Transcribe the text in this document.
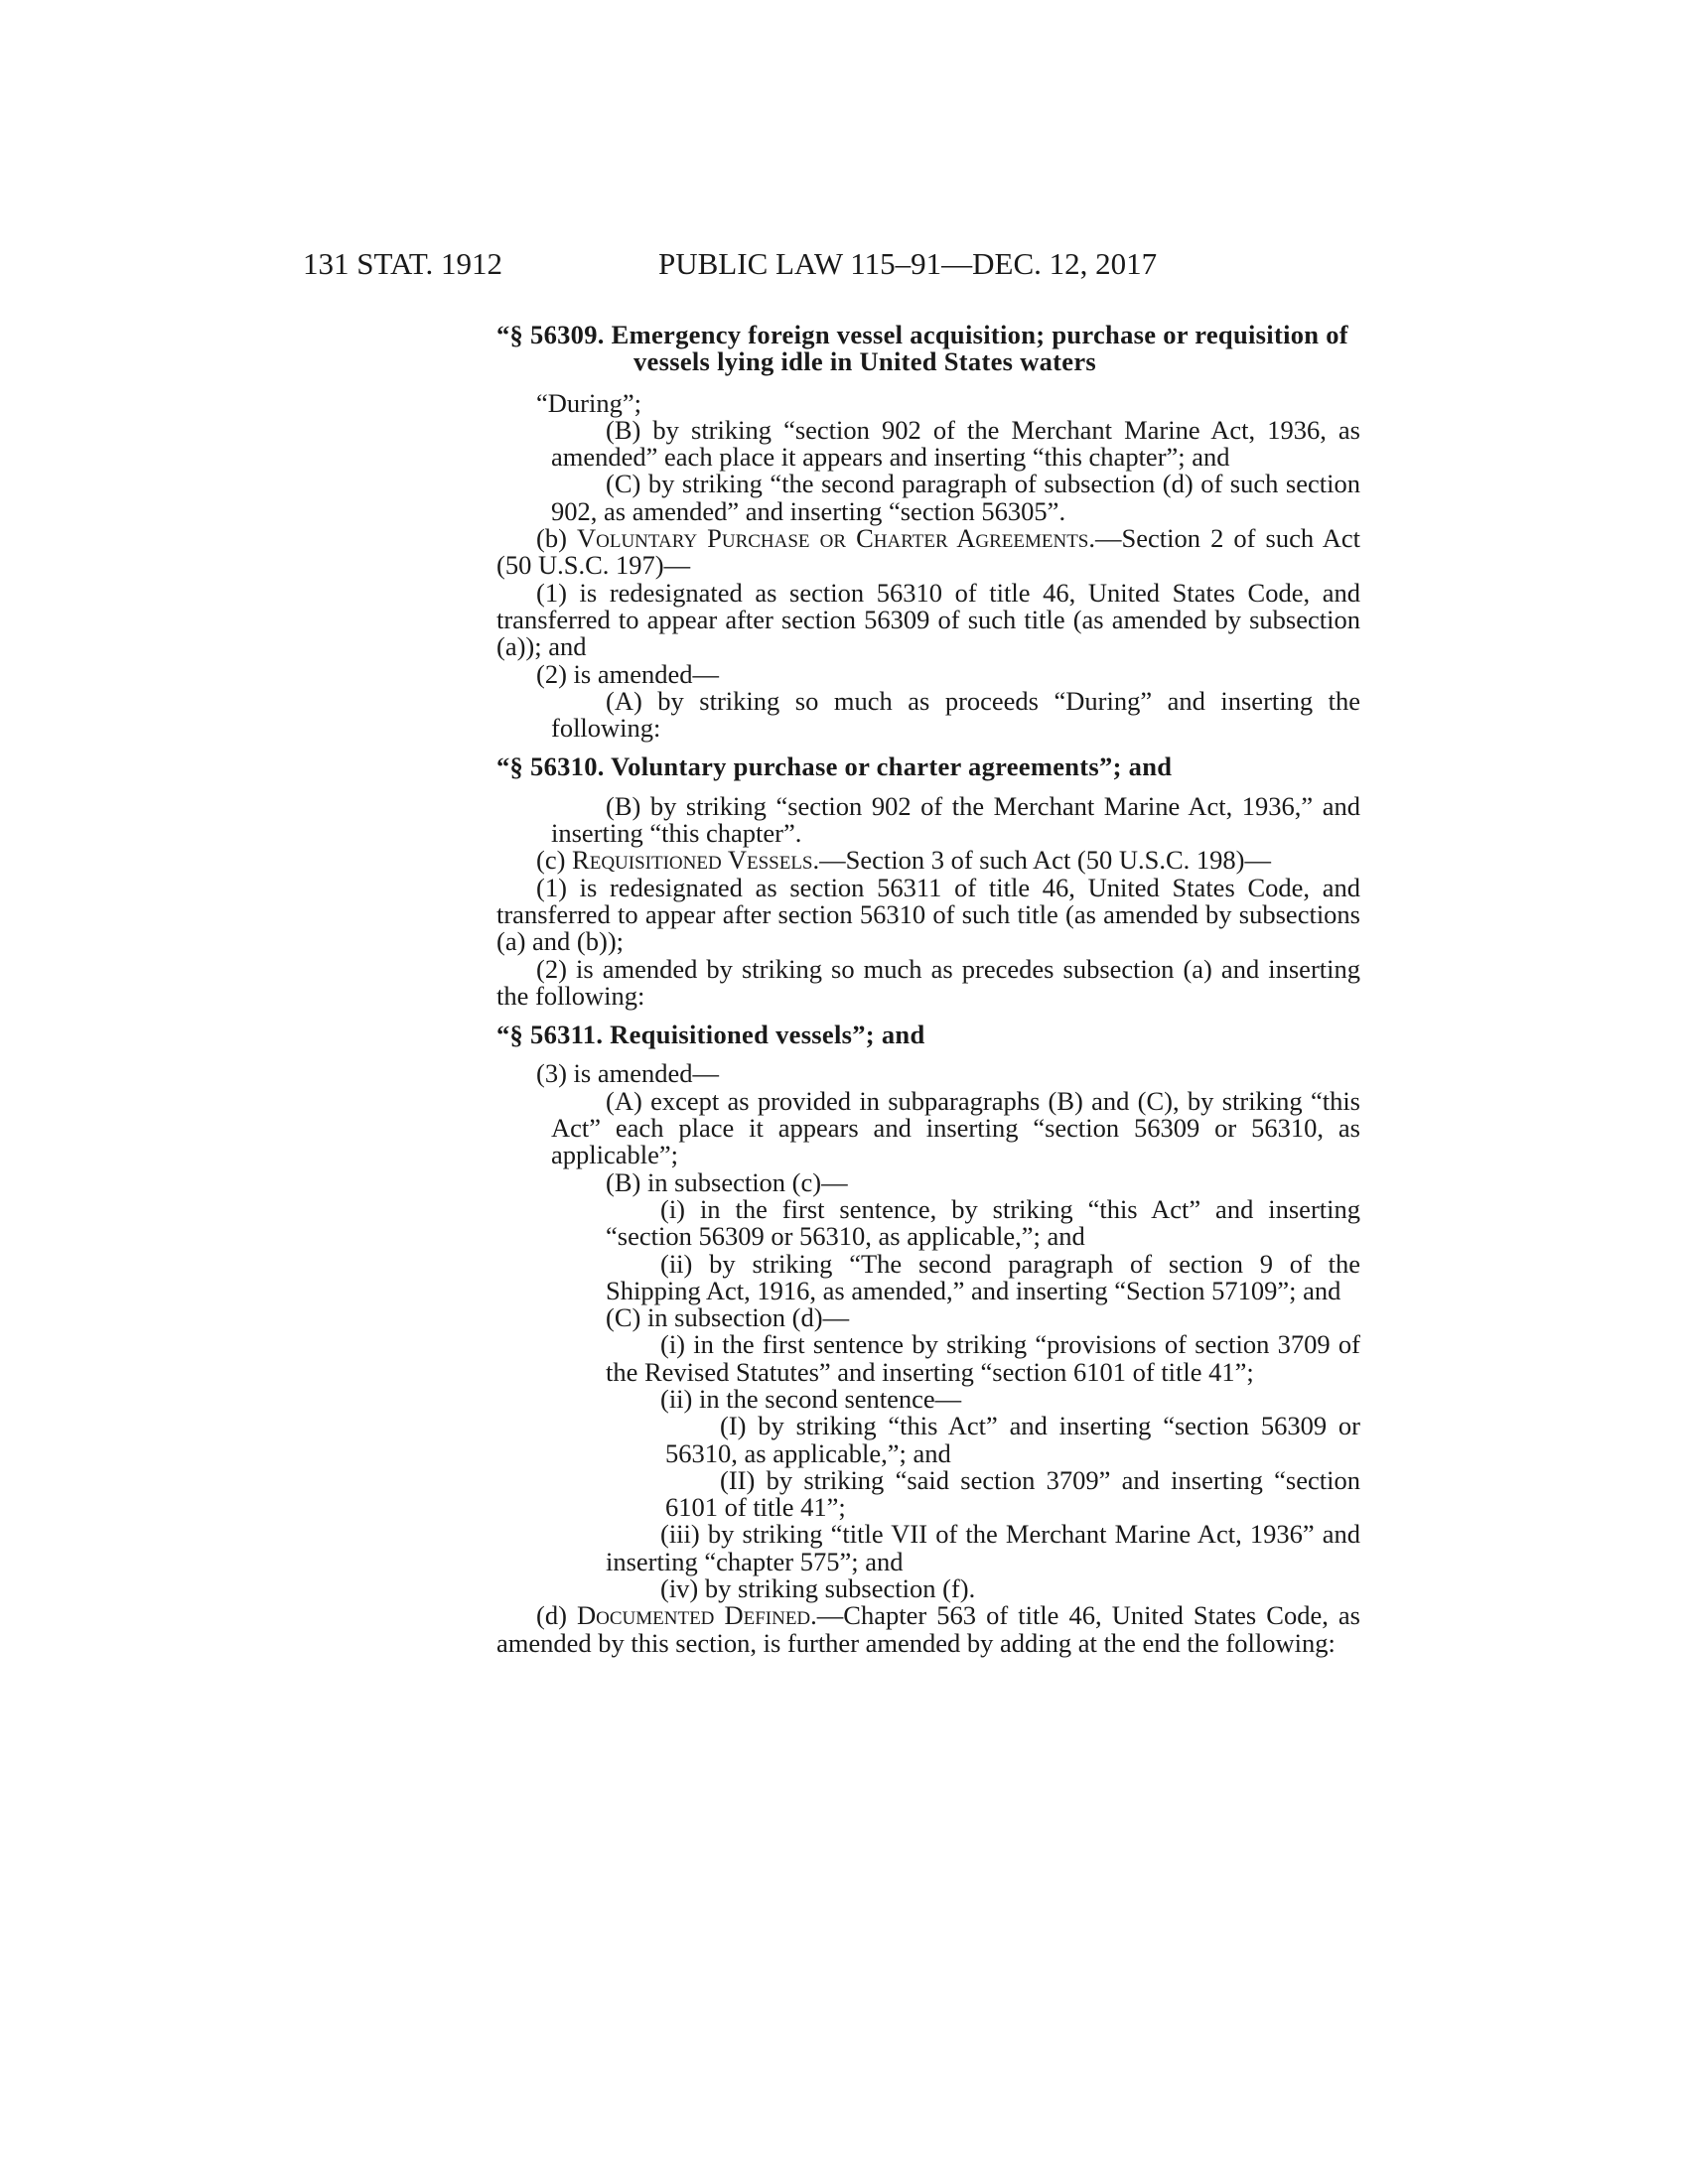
131 STAT. 1912	PUBLIC LAW 115–91—DEC. 12, 2017

“§ 56309. Emergency foreign vessel acquisition; purchase or requisition of vessels lying idle in United States waters

“During”;

(B) by striking “section 902 of the Merchant Marine Act, 1936, as amended” each place it appears and inserting “this chapter”; and

(C) by striking “the second paragraph of subsection (d) of such section 902, as amended” and inserting “section 56305”.

(b) Voluntary Purchase or Charter Agreements.—Section 2 of such Act (50 U.S.C. 197)—

(1) is redesignated as section 56310 of title 46, United States Code, and transferred to appear after section 56309 of such title (as amended by subsection (a)); and

(2) is amended—

(A) by striking so much as proceeds “During” and inserting the following:

“§ 56310. Voluntary purchase or charter agreements”; and

(B) by striking “section 902 of the Merchant Marine Act, 1936,” and inserting “this chapter”.

(c) Requisitioned Vessels.—Section 3 of such Act (50 U.S.C. 198)—

(1) is redesignated as section 56311 of title 46, United States Code, and transferred to appear after section 56310 of such title (as amended by subsections (a) and (b));

(2) is amended by striking so much as precedes subsection (a) and inserting the following:

“§ 56311. Requisitioned vessels”; and

(3) is amended—

(A) except as provided in subparagraphs (B) and (C), by striking “this Act” each place it appears and inserting “section 56309 or 56310, as applicable”;

(B) in subsection (c)—

(i) in the first sentence, by striking “this Act” and inserting “section 56309 or 56310, as applicable,”; and

(ii) by striking “The second paragraph of section 9 of the Shipping Act, 1916, as amended,” and inserting “Section 57109”; and

(C) in subsection (d)—

(i) in the first sentence by striking “provisions of section 3709 of the Revised Statutes” and inserting “section 6101 of title 41”;

(ii) in the second sentence—

(I) by striking “this Act” and inserting “section 56309 or 56310, as applicable,”; and

(II) by striking “said section 3709” and inserting “section 6101 of title 41”;

(iii) by striking “title VII of the Merchant Marine Act, 1936” and inserting “chapter 575”; and

(iv) by striking subsection (f).

(d) Documented Defined.—Chapter 563 of title 46, United States Code, as amended by this section, is further amended by adding at the end the following:
